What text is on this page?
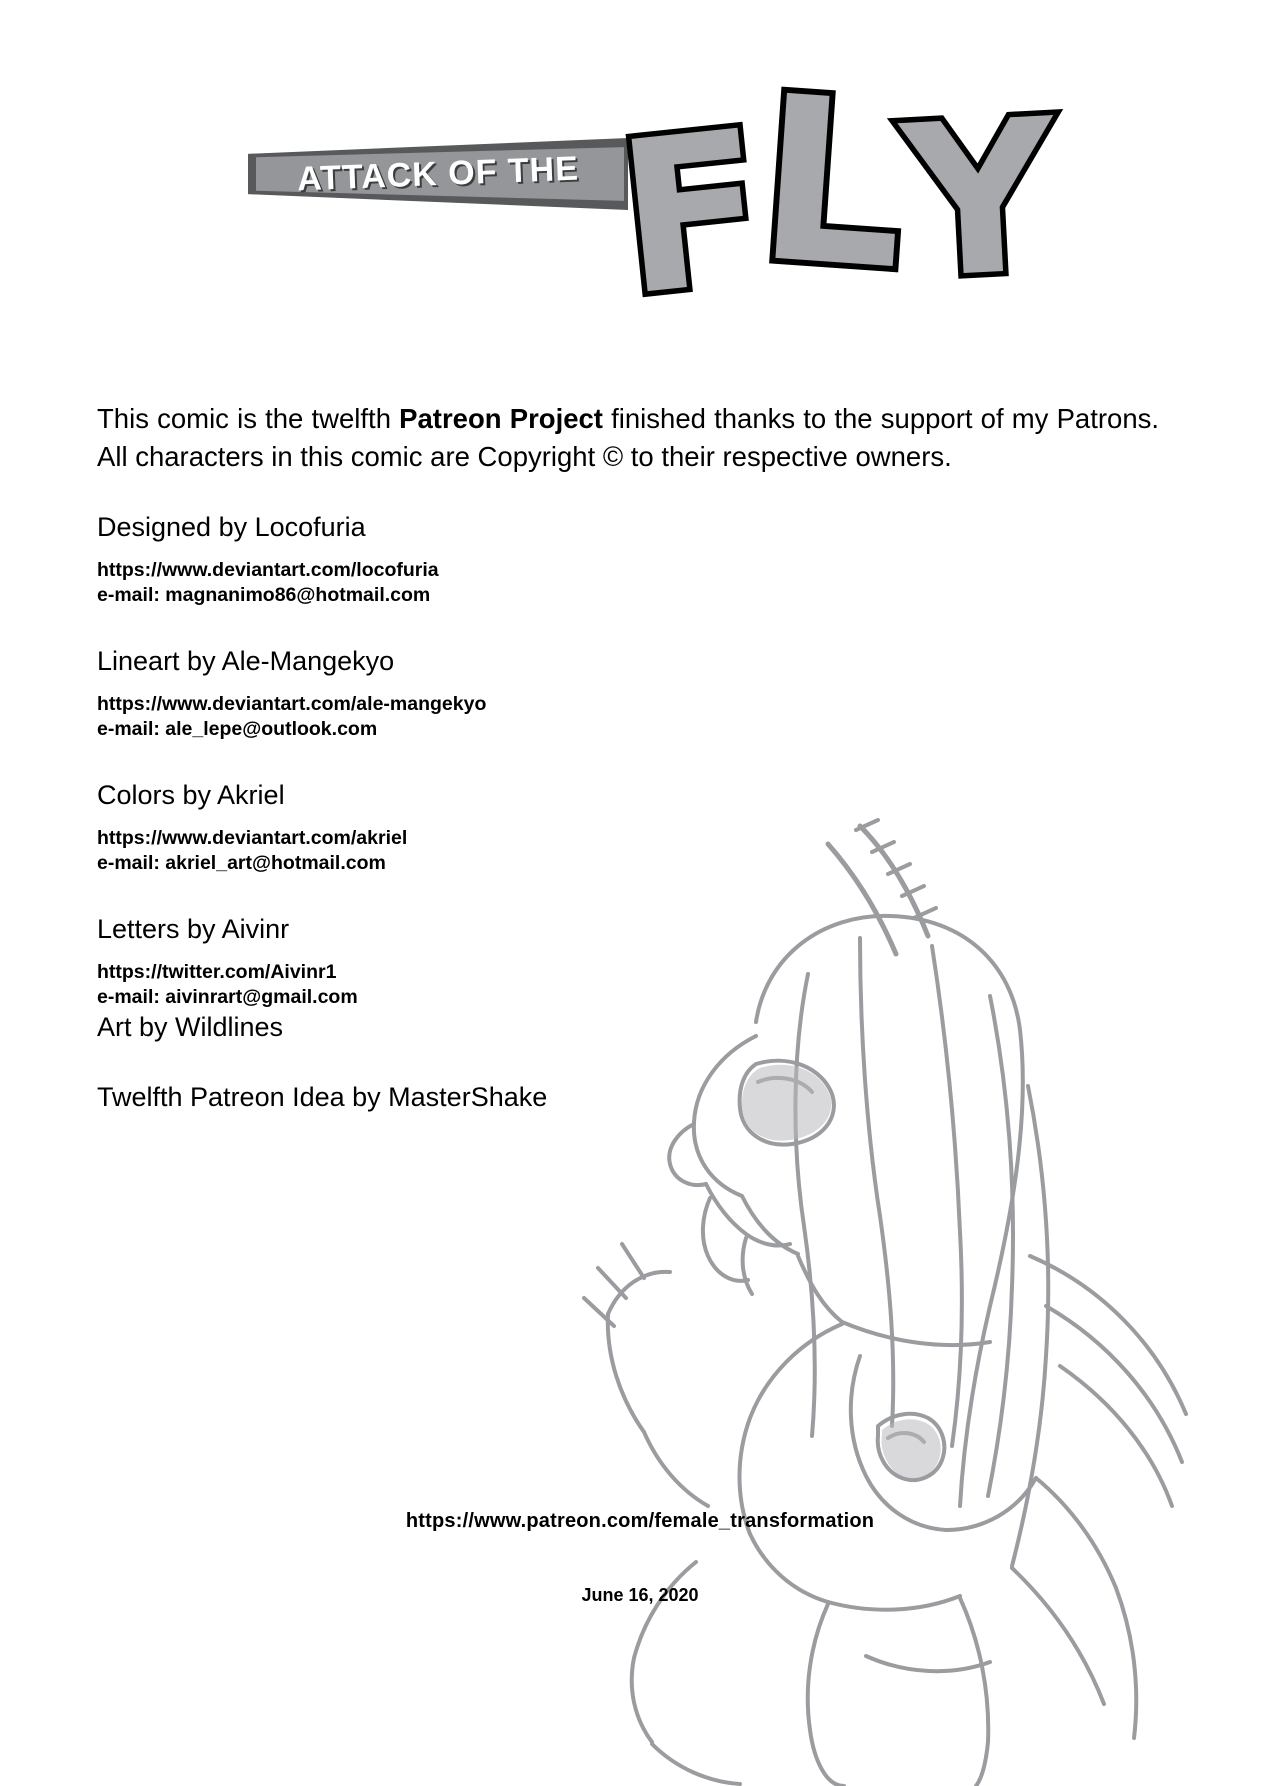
ATTACK OF THE FLY

This comic is the twelfth Patreon Project finished thanks to the support of my Patrons. All characters in this comic are Copyright © to their respective owners.

Designed by Locofuria

https://www.deviantart.com/locofuria
e-mail: magnanimo86@hotmail.com

Lineart by Ale-Mangekyo

https://www.deviantart.com/ale-mangekyo
e-mail: ale_lepe@outlook.com

Colors by Akriel

https://www.deviantart.com/akriel
e-mail: akriel_art@hotmail.com

Letters by Aivinr

https://twitter.com/Aivinr1
e-mail: aivinrart@gmail.com

Art by Wildlines

Twelfth Patreon Idea by MasterShake

https://www.patreon.com/female_transformation

June 16, 2020
